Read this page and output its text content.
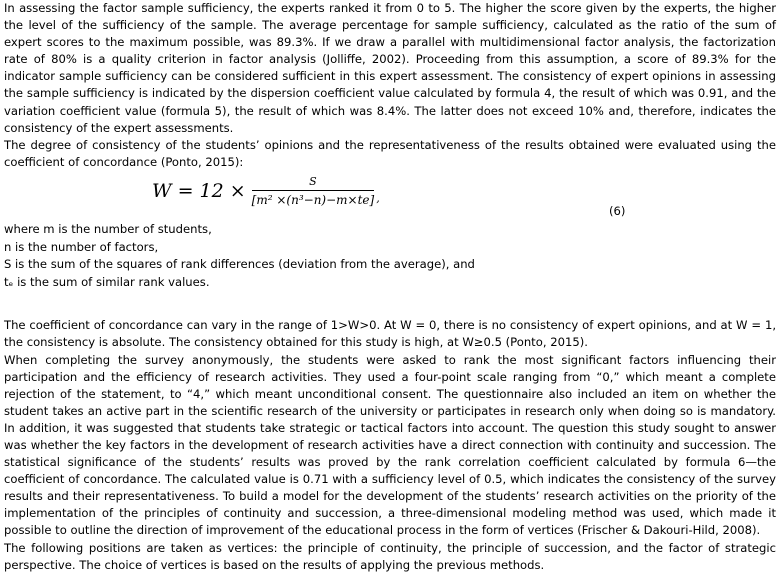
In assessing the factor sample sufficiency, the experts ranked it from 0 to 5. The higher the score given by the experts, the higher the level of the sufficiency of the sample. The average percentage for sample sufficiency, calculated as the ratio of the sum of expert scores to the maximum possible, was 89.3%. If we draw a parallel with multidimensional factor analysis, the factorization rate of 80% is a quality criterion in factor analysis (Jolliffe, 2002). Proceeding from this assumption, a score of 89.3% for the indicator sample sufficiency can be considered sufficient in this expert assessment. The consistency of expert opinions in assessing the sample sufficiency is indicated by the dispersion coefficient value calculated by formula 4, the result of which was 0.91, and the variation coefficient value (formula 5), the result of which was 8.4%. The latter does not exceed 10% and, therefore, indicates the consistency of the expert assessments.

The degree of consistency of the students’ opinions and the representativeness of the results obtained were evaluated using the coefficient of concordance (Ponto, 2015):

$W = 12 \times \frac{S}{\text{[m² ×(n³−n)−m×te]}}$ ,
(6)

where m is the number of students,

n is the number of factors,

S is the sum of the squares of rank differences (deviation from the average), and

tₑ is the sum of similar rank values.

The coefficient of concordance can vary in the range of 1>W>0. At W = 0, there is no consistency of expert opinions, and at W = 1, the consistency is absolute. The consistency obtained for this study is high, at W≥0.5 (Ponto, 2015).

When completing the survey anonymously, the students were asked to rank the most significant factors influencing their participation and the efficiency of research activities. They used a four-point scale ranging from “0,” which meant a complete rejection of the statement, to “4,” which meant unconditional consent. The questionnaire also included an item on whether the student takes an active part in the scientific research of the university or participates in research only when doing so is mandatory. In addition, it was suggested that students take strategic or tactical factors into account. The question this study sought to answer was whether the key factors in the development of research activities have a direct connection with continuity and succession. The statistical significance of the students’ results was proved by the rank correlation coefficient calculated by formula 6—the coefficient of concordance. The calculated value is 0.71 with a sufficiency level of 0.5, which indicates the consistency of the survey results and their representativeness. To build a model for the development of the students’ research activities on the priority of the implementation of the principles of continuity and succession, a three-dimensional modeling method was used, which made it possible to outline the direction of improvement of the educational process in the form of vertices (Frischer & Dakouri-Hild, 2008).

The following positions are taken as vertices: the principle of continuity, the principle of succession, and the factor of strategic perspective. The choice of vertices is based on the results of applying the previous methods.
